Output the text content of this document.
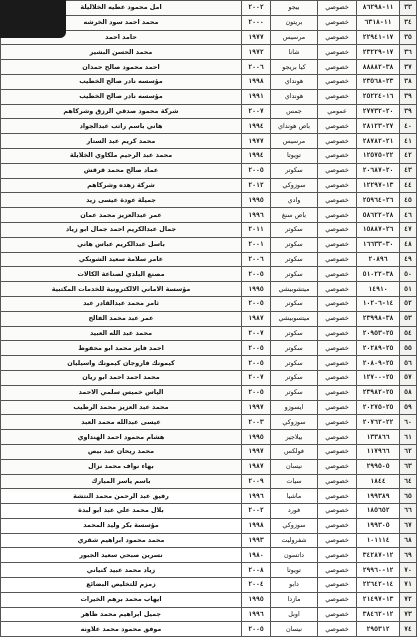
امل محمود عطيه الخلاليلة	٢٠٠٢	بيجو	خصوصي	١١-٨٦٢٩٨	٣٣
محمد احمد سود الخرشه	٢٠٠٠	بريتون	خصوصي	١١-٦٣١٨	٣٤
حامد احمد	١٩٧٧	مرسيس	خصوصي	١٧-٢٢٩٤١	٣٥
محمد الحسن البشير	١٩٧٢	شانا	خصوصي	١٧-٢٣٢٢٩	٣٦
احمد محمود صالح حمدان	٢٠٠٦	كيا بريجو	خصوصي	٣٨-٨٨٨٨٢	٣٧
مؤسسه نادر صالح الخطيب	١٩٩٨	هونداي	خصوصي	٢٣-٢٣٥٦٨	٣٨
مؤسسه نادر صالح الخطيب	١٩٩١	هونداي	خصوصي	١٦-٢٥٢٢٤	٣٩
شركة محمود صدقي الرزق وشركاهم	٢٠٠٧	جمس	عمومي	٢٠-٢٧٧٣٢	٣٩
هاني باسم راتب عبدالجواد	١٩٩٤	باص هونداي	خصوصي	٢٧-٢٨١٢٣	٤٠
محمد كريم عبد الستار	١٩٧٧	مرسيس	خصوصي	٢١-٢٨٧٨٢	٤١
محمد عبد الرحيم ملكاوي الخلايلة	١٩٩٤	تويوتا	خصوصي	٢٢-١٢٥٧٥	٤٢
عماد صالح محمد قرقش	٢٠٠٥	سكوتر	خصوصي	٢٠-٢٠٦٨٧	٤٣
شركة زهده وشركاهم	٢٠١٢	سوزوكي	خصوصي	١٣-١٢٢٩٧	٤٤
جميلة عودة عيسى زيد	١٩٩٥	وادي	خصوصي	٢٦-٢٥٩٦٤	٤٥
عمر عبدالعزيز محمد عمان	١٩٩٦	باص سنغ	خصوصي	٢٨-٥٨٦٢٢	٤٦
جمال عبدالكريم احمد جمال ابو زياد	٢٠١١	سكوتر	خصوصي	٢٦-١٥٨٨٧	٤٧
باسل عبدالكريم عباس هاني	٢٠٠١	سكوتر	خصوصي	٣٠-١٦٦٣٣	٤٨
عامر سلامة سعيد الشوبكي	٢٠٠٦	سكوتر	خصوصي	٢٠٨٩٦	٤٩
مصنع البلدي لصناعة الكالات	٢٠٠٥	سكوتر	خصوصي	٣٨-٥١٠٢٢	٥٠
مؤسسة الاماني الالكترونية للخدمات المكتبية	١٩٩٥	ميتشوبيشي	خصوصي	١٤٩١٠	٥١
ثامر محمد عبدالقادر عبد	٢٠٠٥	سكوتر	خصوصي	١٤-١٠٢٠٦	٥٢
عمر عبد محمد الفالح	١٩٨٧	ميتسوبيشي	خصوصي	٣٨-٢٣٩٩٨	٥٣
محمد عبد الله العبيد	٢٠٠٧	سكوتر	خصوصي	٢٥-٢٠٩٥٣	٥٤
احمد فايز محمد ابو محفوظ	٢٠٠٥	سكوتر	خصوصي	٢٥-٢٠٢٨٩	٥٥
كيمونك فاروجان كيمونك واسيليان	٢٠٠٥	سكوتر	خصوصي	٢٥-٢٠٨٠٩	٥٦
محمد احمد احمد ابو ريان	٢٠٠٧	سكوتر	خصوصي	٢٥-١٢٧٠٠	٥٧
الياس خميس سلمي الاحمد	٢٠٠٥	سكوتر	خصوصي	٢٥-٢٣٩٨٢	٥٨
محمد عبد العزيز محمد الرطيب	١٩٩٧	ايسوزو	خصوصي	٢٥-٢٠٢٧٥	٥٩
عيسى عبدالله محمد العبد	٢٠٠٣	سوزوكي	خصوصي	٢٢-٢٠٧٦٢	٦٠
هشام محمود احمد الهنداوي	١٩٩٥	بيلاجير	خصوصي	١٣٣٨٦٦	٦١
محمد ريحان عبد بيص	١٩٩٧	فولكس	خصوصي	١١٧٩٦٦	٦٢
بهاء نواف محمد نزال	١٩٨٧	نيسان	خصوصي	٢٩٩٥٠٥	٦٣
باسم ياسر المبارك	٢٠٠٩	سيات	خصوصي	١٨٤٤	٦٤
رفيق عبد الرحمن محمد النتشة	١٩٩٦	ماشيا	خصوصي	١٩٩٣٨٩	٦٥
بلال محمد علي عبد ابو لبدة	٢٠٠٢	فورد	خصوصي	١٨٥٦٥٢	٦٦
مؤسسة بكر وليد المحمد	١٩٩٨	سوزوكي	خصوصي	١٩٩٣٠٥	٦٧
محمد محمود ابراهيم شقري	١٩٩٣	شفروليت	خصوصي	١٠١١١٤	٦٨
نسرين صبحي سعيد الجبور	١٩٨٠	داتسون	خصوصي	١٢-٣٤٢٨٧	٦٩
زياد محمد عبيد كنياني	٢٠٠٨	تويوتا	خصوصي	١٢-٢٩٩٦٠	٧٠
زمزم للتخليص البضائع	٢٠٠٤	دابو	خصوصي	١٤-٢٢٦٤٢	٧١
ايهاب محمد برهم الخيرات	١٩٩٥	مازدا	خصوصي	١٣-٢١٤٩٧	٧٢
جميل ابراهيم محمد ظاهر	١٩٩٦	اوبل	خصوصي	١٢-٣٨٤٦٢	٧٣
موفق محمود محمد علاونه	٢٠٠٥	نيسان	خصوصي	٢٩٥٣١٢	٧٤
